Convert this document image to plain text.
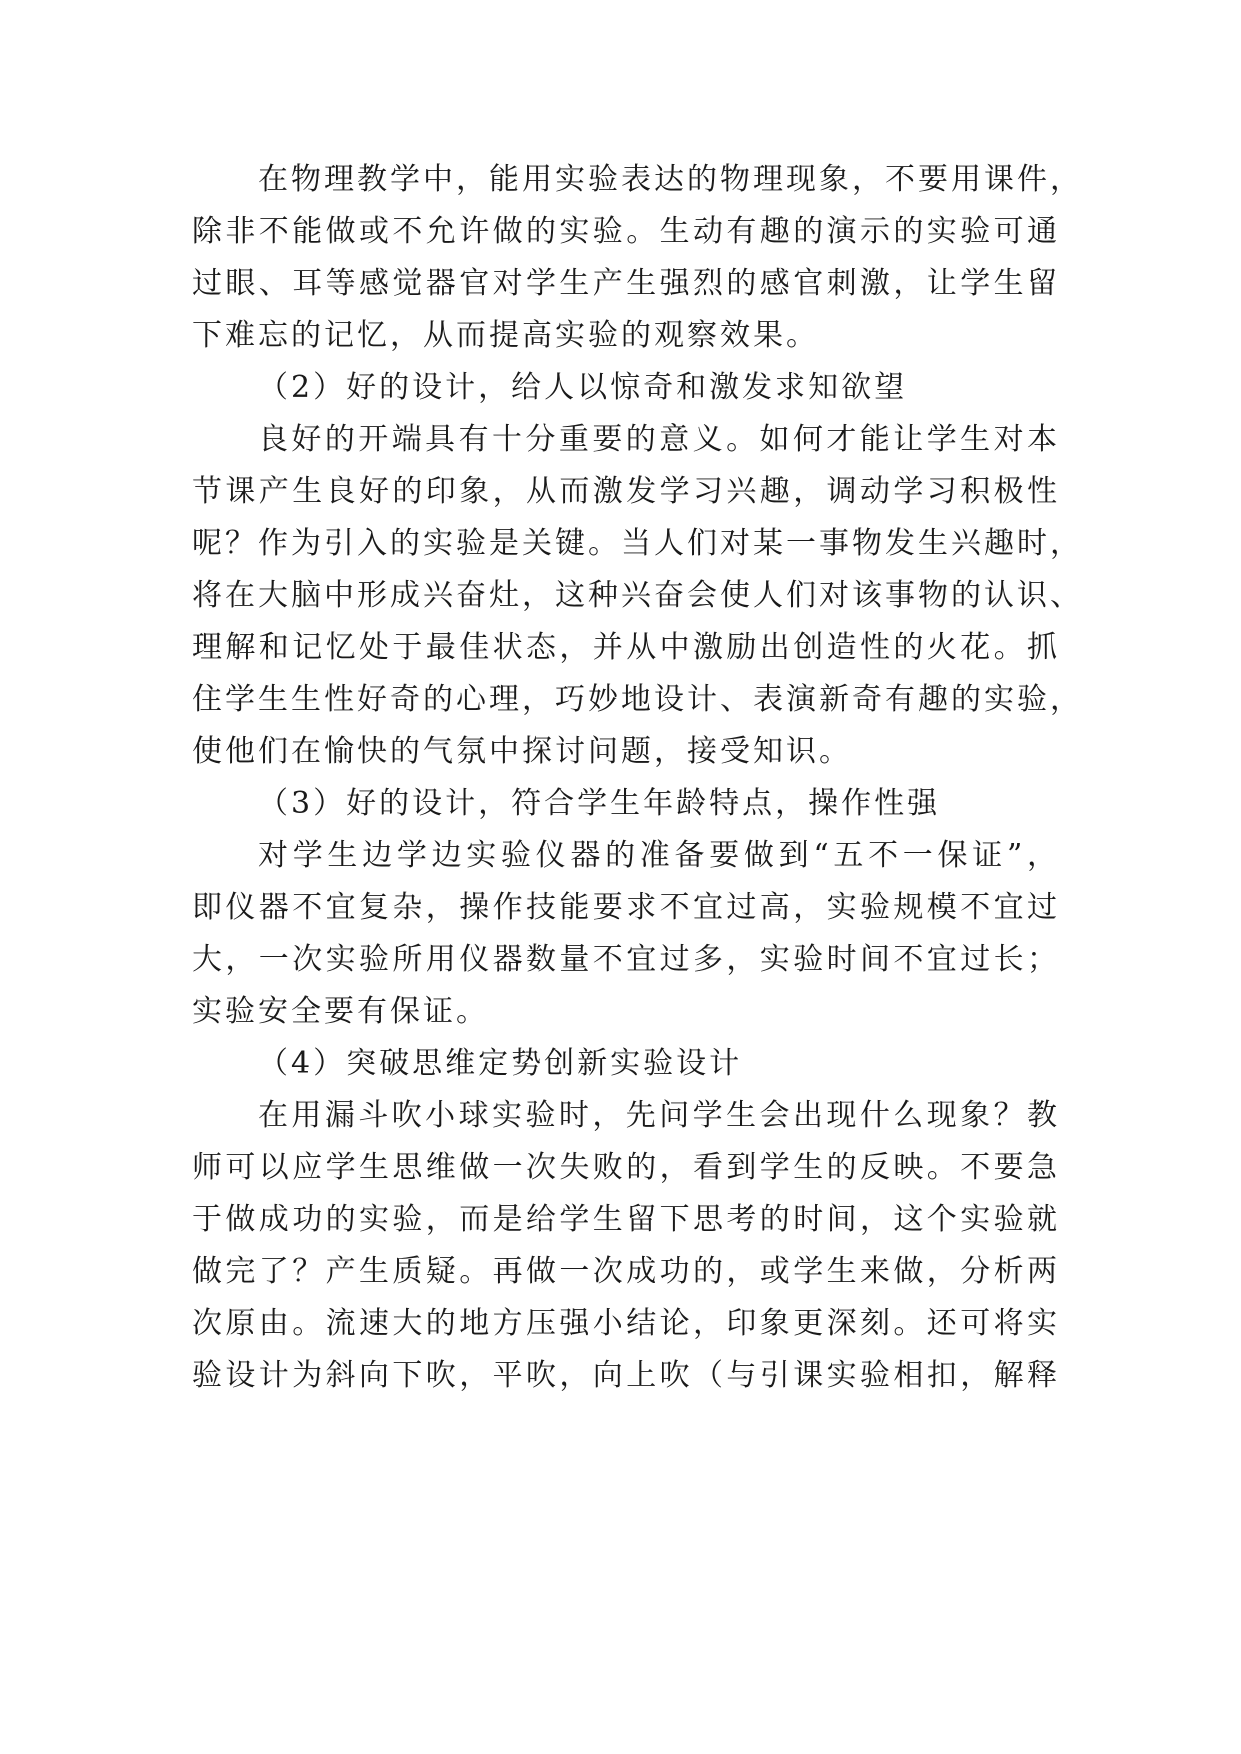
在物理教学中，能用实验表达的物理现象，不要用课件，
除非不能做或不允许做的实验。生动有趣的演示的实验可通
过眼、耳等感觉器官对学生产生强烈的感官刺激，让学生留
下难忘的记忆，从而提高实验的观察效果。
（2）好的设计，给人以惊奇和激发求知欲望
良好的开端具有十分重要的意义。如何才能让学生对本
节课产生良好的印象，从而激发学习兴趣，调动学习积极性
呢？作为引入的实验是关键。当人们对某一事物发生兴趣时，
将在大脑中形成兴奋灶，这种兴奋会使人们对该事物的认识、
理解和记忆处于最佳状态，并从中激励出创造性的火花。抓
住学生生性好奇的心理，巧妙地设计、表演新奇有趣的实验，
使他们在愉快的气氛中探讨问题，接受知识。
（3）好的设计，符合学生年龄特点，操作性强
对学生边学边实验仪器的准备要做到“五不一保证”，
即仪器不宜复杂，操作技能要求不宜过高，实验规模不宜过
大，一次实验所用仪器数量不宜过多，实验时间不宜过长；
实验安全要有保证。
（4）突破思维定势创新实验设计
在用漏斗吹小球实验时，先问学生会出现什么现象？教
师可以应学生思维做一次失败的，看到学生的反映。不要急
于做成功的实验，而是给学生留下思考的时间，这个实验就
做完了？产生质疑。再做一次成功的，或学生来做，分析两
次原由。流速大的地方压强小结论，印象更深刻。还可将实
验设计为斜向下吹，平吹，向上吹（与引课实验相扣，解释
